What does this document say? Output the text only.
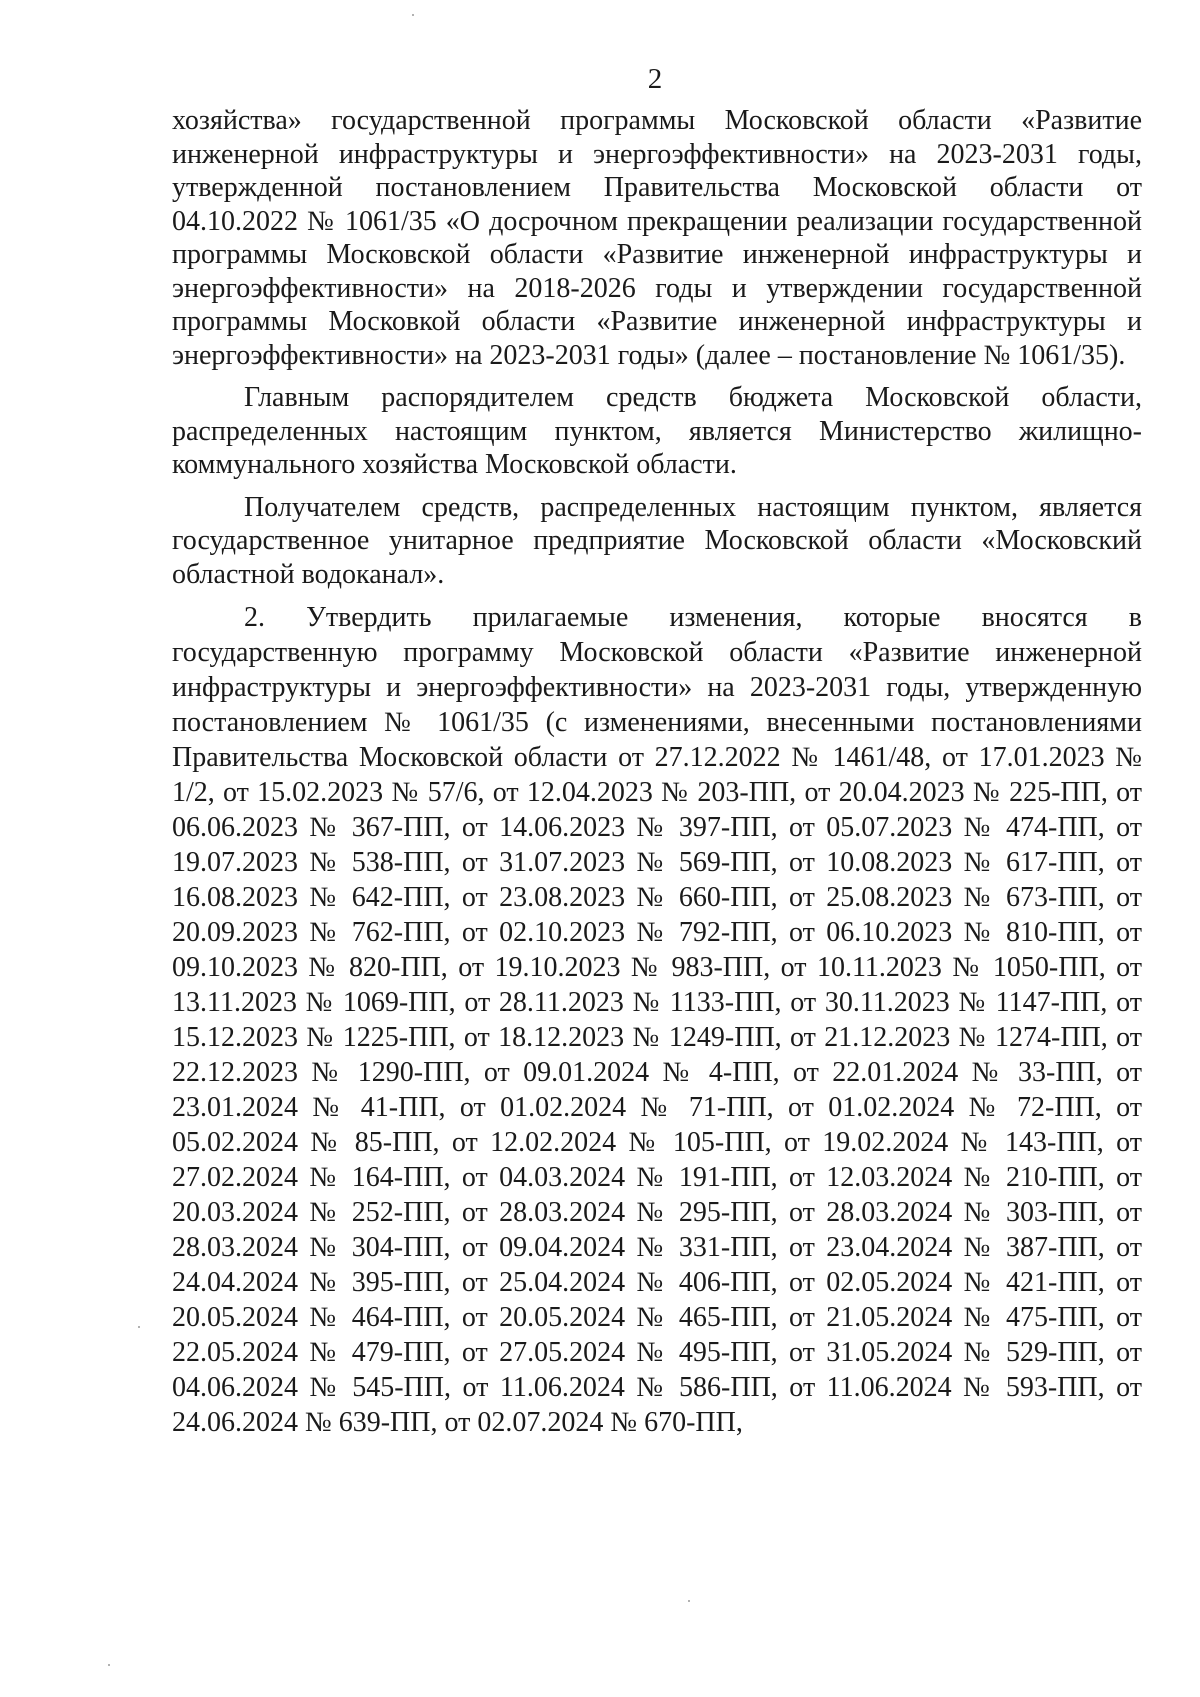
2

хозяйства» государственной программы Московской области «Развитие инженерной инфраструктуры и энергоэффективности» на 2023-2031 годы, утвержденной постановлением Правительства Московской области от 04.10.2022 № 1061/35 «О досрочном прекращении реализации государственной программы Московской области «Развитие инженерной инфраструктуры и энергоэффективности» на 2018-2026 годы и утверждении государственной программы Московкой области «Развитие инженерной инфраструктуры и энергоэффективности» на 2023-2031 годы» (далее – постановление № 1061/35).

Главным распорядителем средств бюджета Московской области, распределенных настоящим пунктом, является Министерство жилищно-коммунального хозяйства Московской области.

Получателем средств, распределенных настоящим пунктом, является государственное унитарное предприятие Московской области «Московский областной водоканал».

2. Утвердить прилагаемые изменения, которые вносятся в государственную программу Московской области «Развитие инженерной инфраструктуры и энергоэффективности» на 2023-2031 годы, утвержденную постановлением № 1061/35 (с изменениями, внесенными постановлениями Правительства Московской области от 27.12.2022 № 1461/48, от 17.01.2023 № 1/2, от 15.02.2023 № 57/6, от 12.04.2023 № 203-ПП, от 20.04.2023 № 225-ПП, от 06.06.2023 № 367-ПП, от 14.06.2023 № 397-ПП, от 05.07.2023 № 474-ПП, от 19.07.2023 № 538-ПП, от 31.07.2023 № 569-ПП, от 10.08.2023 № 617-ПП, от 16.08.2023 № 642-ПП, от 23.08.2023 № 660-ПП, от 25.08.2023 № 673-ПП, от 20.09.2023 № 762-ПП, от 02.10.2023 № 792-ПП, от 06.10.2023 № 810-ПП, от 09.10.2023 № 820-ПП, от 19.10.2023 № 983-ПП, от 10.11.2023 № 1050-ПП, от 13.11.2023 № 1069-ПП, от 28.11.2023 № 1133-ПП, от 30.11.2023 № 1147-ПП, от 15.12.2023 № 1225-ПП, от 18.12.2023 № 1249-ПП, от 21.12.2023 № 1274-ПП, от 22.12.2023 № 1290-ПП, от 09.01.2024 № 4-ПП, от 22.01.2024 № 33-ПП, от 23.01.2024 № 41-ПП, от 01.02.2024 № 71-ПП, от 01.02.2024 № 72-ПП, от 05.02.2024 № 85-ПП, от 12.02.2024 № 105-ПП, от 19.02.2024 № 143-ПП, от 27.02.2024 № 164-ПП, от 04.03.2024 № 191-ПП, от 12.03.2024 № 210-ПП, от 20.03.2024 № 252-ПП, от 28.03.2024 № 295-ПП, от 28.03.2024 № 303-ПП, от 28.03.2024 № 304-ПП, от 09.04.2024 № 331-ПП, от 23.04.2024 № 387-ПП, от 24.04.2024 № 395-ПП, от 25.04.2024 № 406-ПП, от 02.05.2024 № 421-ПП, от 20.05.2024 № 464-ПП, от 20.05.2024 № 465-ПП, от 21.05.2024 № 475-ПП, от 22.05.2024 № 479-ПП, от 27.05.2024 № 495-ПП, от 31.05.2024 № 529-ПП, от 04.06.2024 № 545-ПП, от 11.06.2024 № 586-ПП, от 11.06.2024 № 593-ПП, от 24.06.2024 № 639-ПП, от 02.07.2024 № 670-ПП,
